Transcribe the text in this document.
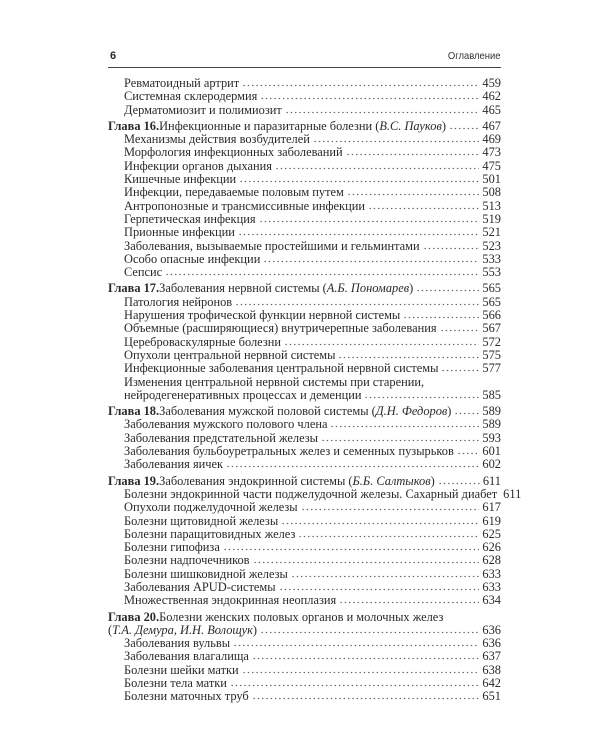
6	Оглавление
Ревматоидный артрит	459
Системная склеродермия	462
Дерматомиозит и полимиозит	465
Глава 16. Инфекционные и паразитарные болезни (В.С. Пауков)	467
Механизмы действия возбудителей	469
Морфология инфекционных заболеваний	473
Инфекции органов дыхания	475
Кишечные инфекции	501
Инфекции, передаваемые половым путем	508
Антропонозные и трансмиссивные инфекции	513
Герпетическая инфекция	519
Прионные инфекции	521
Заболевания, вызываемые простейшими и гельминтами	523
Особо опасные инфекции	533
Сепсис	553
Глава 17. Заболевания нервной системы (А.Б. Пономарев)	565
Патология нейронов	565
Нарушения трофической функции нервной системы	566
Объемные (расширяющиеся) внутричерепные заболевания	567
Цереброваскулярные болезни	572
Опухоли центральной нервной системы	575
Инфекционные заболевания центральной нервной системы	577
Изменения центральной нервной системы при старении,
нейродегенеративных процессах и деменции	585
Глава 18. Заболевания мужской половой системы (Д.Н. Федоров) 589
Заболевания мужского полового члена	589
Заболевания предстательной железы	593
Заболевания бульбоуретральных желез и семенных пузырьков 601
Заболевания яичек	602
Глава 19. Заболевания эндокринной системы (Б.Б. Салтыков)	611
Болезни эндокринной части поджелудочной железы. Сахарный диабет 611
Опухоли поджелудочной железы	617
Болезни щитовидной железы	619
Болезни паращитовидных желез	625
Болезни гипофиза	626
Болезни надпочечников	628
Болезни шишковидной железы	633
Заболевания APUD-системы	633
Множественная эндокринная неоплазия	634
Глава 20. Болезни женских половых органов и молочных желез
(Т.А. Демура, И.Н. Волощук)	636
Заболевания вульвы	636
Заболевания влагалища	637
Болезни шейки матки	638
Болезни тела матки	642
Болезни маточных труб	651
